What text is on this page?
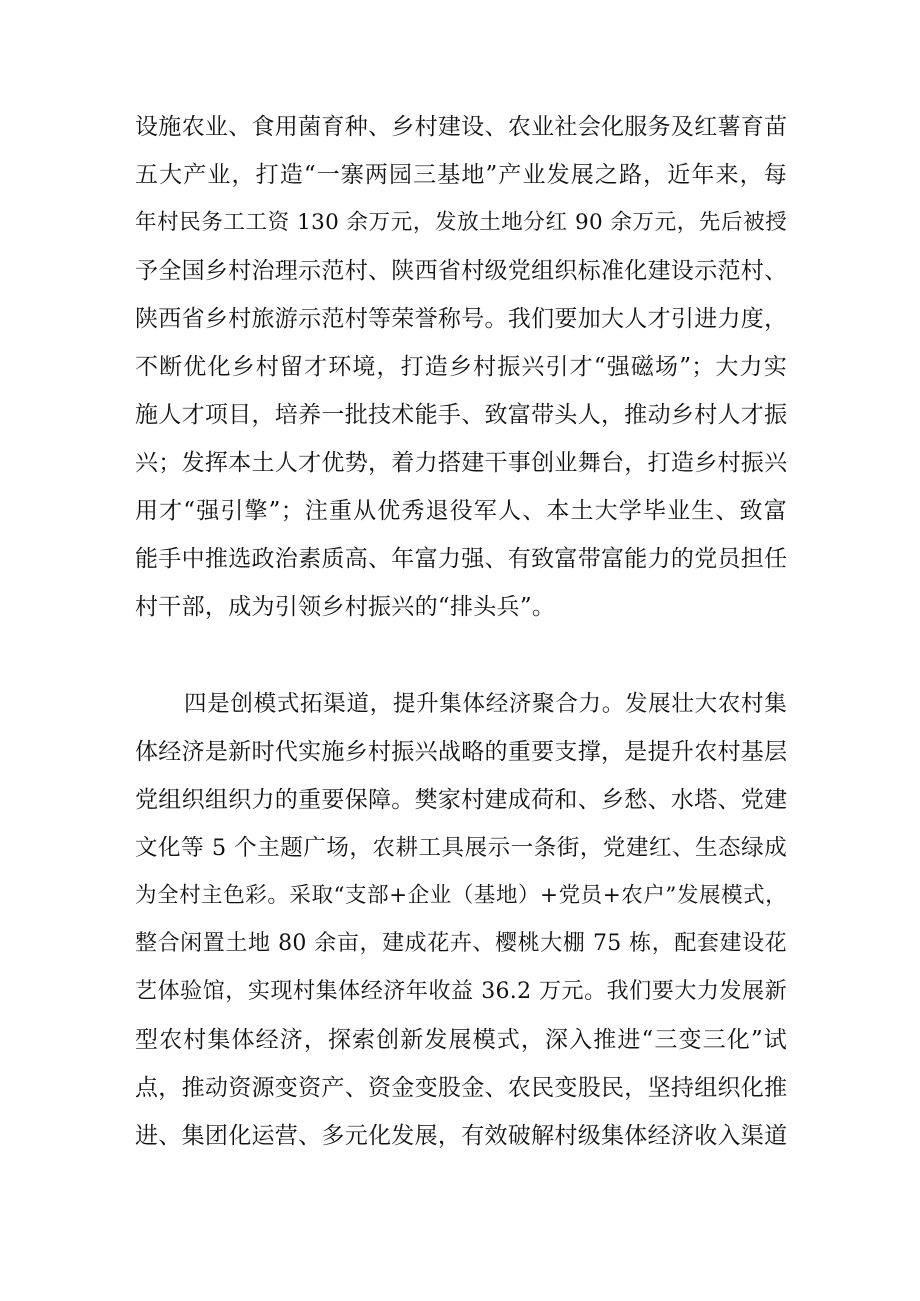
设施农业、食用菌育种、乡村建设、农业社会化服务及红薯育苗
五大产业，打造“一寨两园三基地”产业发展之路，近年来，每
年村民务工工资 130 余万元，发放土地分红 90 余万元，先后被授
予全国乡村治理示范村、陕西省村级党组织标准化建设示范村、
陕西省乡村旅游示范村等荣誉称号。我们要加大人才引进力度，
不断优化乡村留才环境，打造乡村振兴引才“强磁场”；大力实
施人才项目，培养一批技术能手、致富带头人，推动乡村人才振
兴；发挥本土人才优势，着力搭建干事创业舞台，打造乡村振兴
用才“强引擎”；注重从优秀退役军人、本土大学毕业生、致富
能手中推选政治素质高、年富力强、有致富带富能力的党员担任
村干部，成为引领乡村振兴的“排头兵”。
四是创模式拓渠道，提升集体经济聚合力。发展壮大农村集
体经济是新时代实施乡村振兴战略的重要支撑，是提升农村基层
党组织组织力的重要保障。樊家村建成荷和、乡愁、水塔、党建
文化等 5 个主题广场，农耕工具展示一条街，党建红、生态绿成
为全村主色彩。采取“支部+企业（基地）+党员+农户”发展模式，
整合闲置土地 80 余亩，建成花卉、樱桃大棚 75 栋，配套建设花
艺体验馆，实现村集体经济年收益 36.2 万元。我们要大力发展新
型农村集体经济，探索创新发展模式，深入推进“三变三化”试
点，推动资源变资产、资金变股金、农民变股民，坚持组织化推
进、集团化运营、多元化发展，有效破解村级集体经济收入渠道
